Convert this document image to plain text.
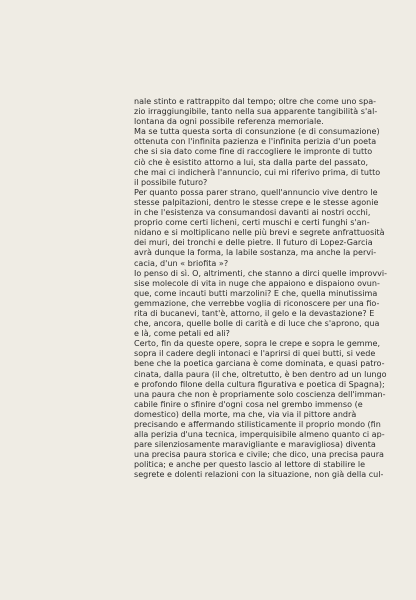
nale stinto e rattrappito dal tempo; oltre che come uno spa-
zio irraggiungibile, tanto nella sua apparente tangibilità s'al-
lontana da ogni possibile referenza memoriale.
Ma se tutta questa sorta di consunzione (e di consumazione)
ottenuta con l'infinita pazienza e l'infinita perizia d'un poeta
che si sia dato come fine di raccogliere le impronte di tutto
ciò che è esistito attorno a lui, sta dalla parte del passato,
che mai ci indicherà l'annuncio, cui mi riferivo prima, di tutto
il possibile futuro?
Per quanto possa parer strano, quell'annuncio vive dentro le
stesse palpitazioni, dentro le stesse crepe e le stesse agonie
in che l'esistenza va consumandosi davanti ai nostri occhi,
proprio come certi licheni, certi muschi e certi funghi s'an-
nidano e si moltiplicano nelle più brevi e segrete anfrattuosità
dei muri, dei tronchi e delle pietre. Il futuro di Lopez-Garcia
avrà dunque la forma, la labile sostanza, ma anche la pervi-
cacia, d'un « briofita »?
Io penso di sì. O, altrimenti, che stanno a dirci quelle improvvi-
sise molecole di vita in nuge che appaiono e dispaiono ovun-
que, come incauti butti marzolini? E che, quella minutissima
gemmazione, che verrebbe voglia di riconoscere per una fio-
rita di bucanevi, tant'è, attorno, il gelo e la devastazione? E
che, ancora, quelle bolle di carità e di luce che s'aprono, qua
e là, come petali ed ali?
Certo, fin da queste opere, sopra le crepe e sopra le gemme,
sopra il cadere degli intonaci e l'aprirsi di quei butti, si vede
bene che la poetica garciana è come dominata, e quasi patro-
cinata, dalla paura (il che, oltretutto, è ben dentro ad un lungo
e profondo filone della cultura figurativa e poetica di Spagna);
una paura che non è propriamente solo coscienza dell'imman-
cabile finire o sfinire d'ogni cosa nel grembo immenso (e
domestico) della morte, ma che, via via il pittore andrà
precisando e affermando stilisticamente il proprio mondo (fin
alla perizia d'una tecnica, imperquisibile almeno quanto ci ap-
pare silenziosamente maravigliante e maravigliosa) diventa
una precisa paura storica e civile; che dico, una precisa paura
politica; e anche per questo lascio al lettore di stabilire le
segrete e dolenti relazioni con la situazione, non già della cul-
